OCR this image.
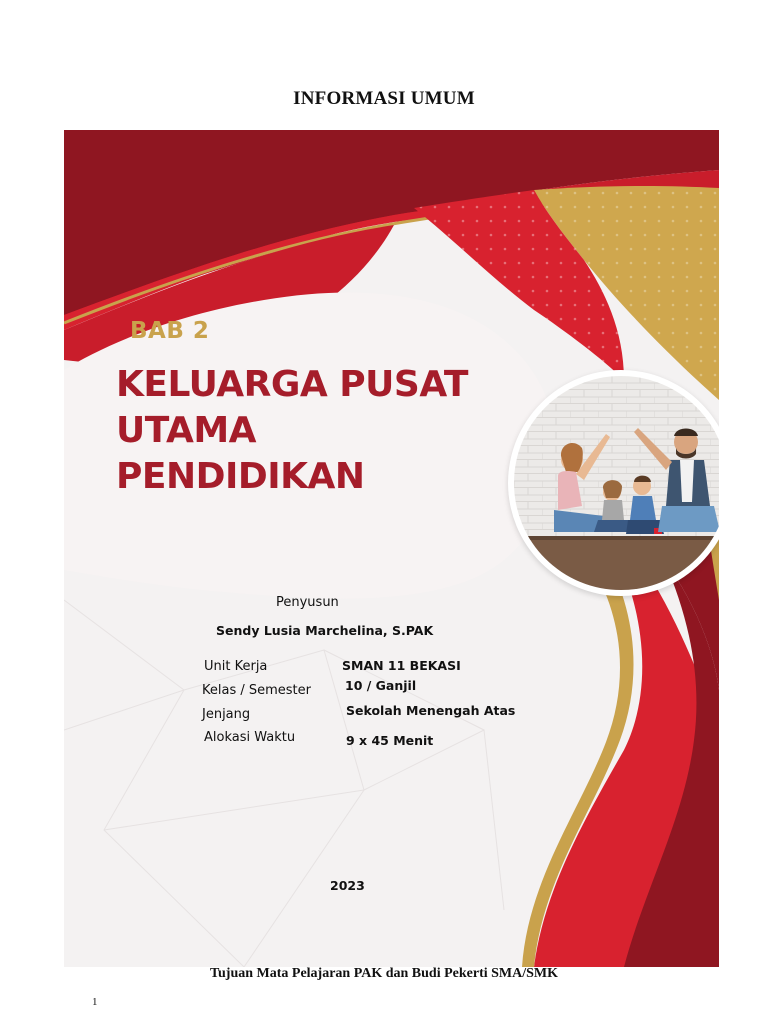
INFORMASI UMUM
BAB 2
KELUARGA PUSAT
UTAMA
PENDIDIKAN
Penyusun
Sendy Lusia Marchelina, S.PAK
Unit Kerja	SMAN 11 BEKASI
Kelas / Semester	10 / Ganjil
Jenjang	Sekolah Menengah Atas
Alokasi Waktu	9 x 45 Menit
2023
Tujuan Mata Pelajaran PAK dan Budi Pekerti SMA/SMK
1
